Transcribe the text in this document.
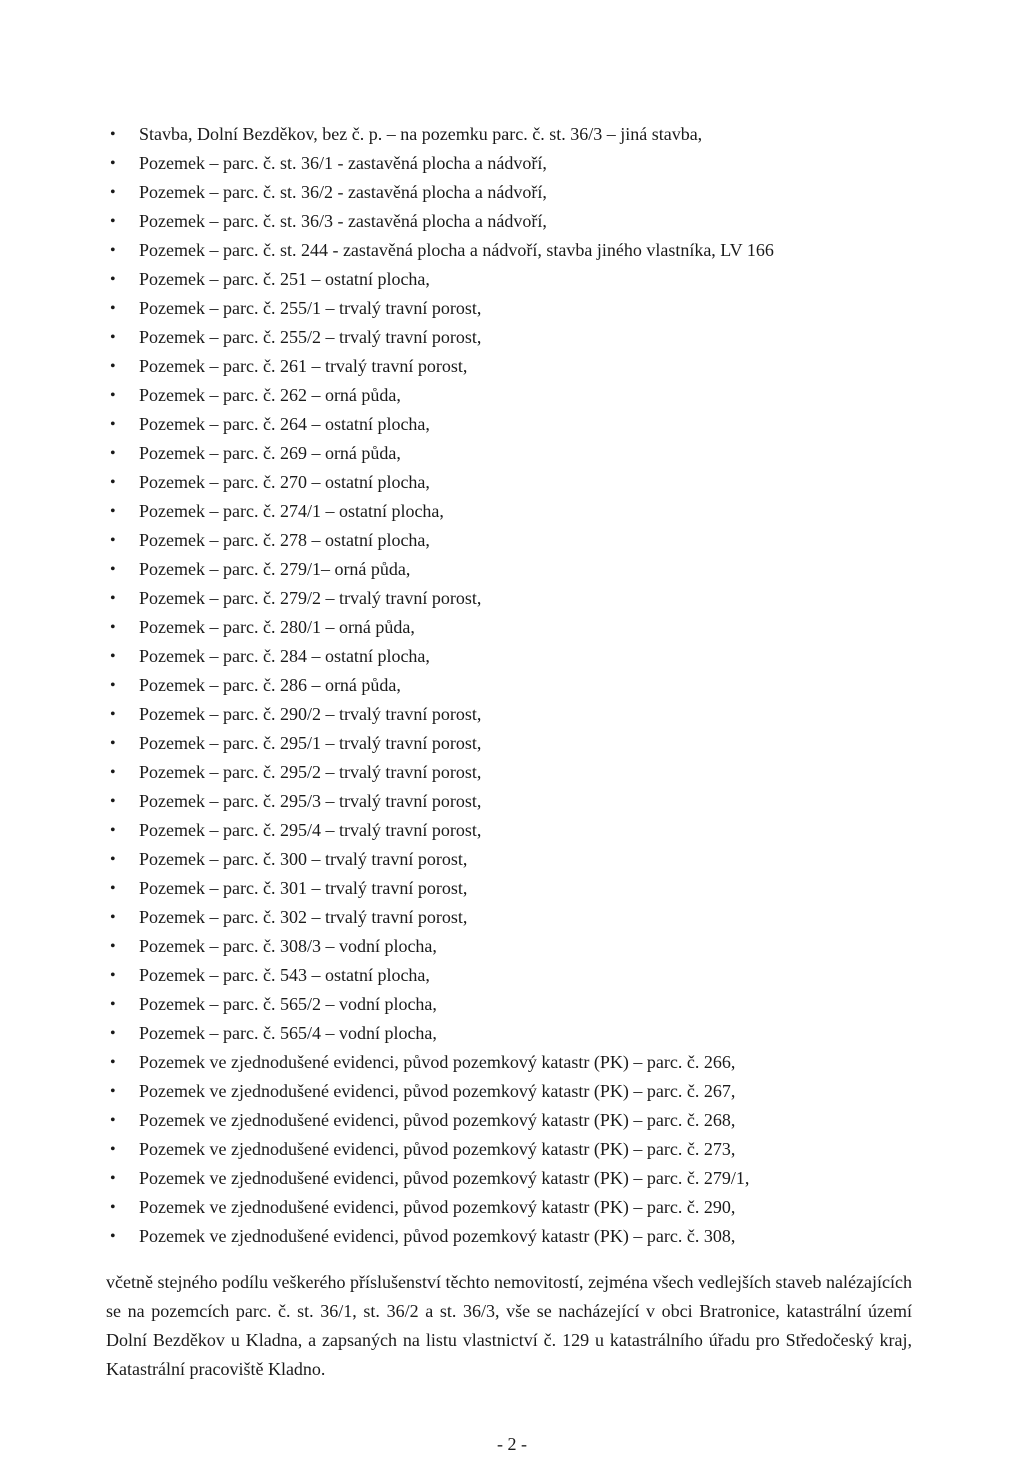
• Stavba, Dolní Bezděkov, bez č. p. – na pozemku parc. č. st. 36/3 – jiná stavba,
• Pozemek – parc. č. st. 36/1 - zastavěná plocha a nádvoří,
• Pozemek – parc. č. st. 36/2 - zastavěná plocha a nádvoří,
• Pozemek – parc. č. st. 36/3 - zastavěná plocha a nádvoří,
• Pozemek – parc. č. st. 244 - zastavěná plocha a nádvoří, stavba jiného vlastníka, LV 166
• Pozemek – parc. č. 251 – ostatní plocha,
• Pozemek – parc. č. 255/1 – trvalý travní porost,
• Pozemek – parc. č. 255/2 – trvalý travní porost,
• Pozemek – parc. č. 261 – trvalý travní porost,
• Pozemek – parc. č. 262 – orná půda,
• Pozemek – parc. č. 264 – ostatní plocha,
• Pozemek – parc. č. 269 – orná půda,
• Pozemek – parc. č. 270 – ostatní plocha,
• Pozemek – parc. č. 274/1 – ostatní plocha,
• Pozemek – parc. č. 278 – ostatní plocha,
• Pozemek – parc. č. 279/1– orná půda,
• Pozemek – parc. č. 279/2 – trvalý travní porost,
• Pozemek – parc. č. 280/1 – orná půda,
• Pozemek – parc. č. 284 – ostatní plocha,
• Pozemek – parc. č. 286 – orná půda,
• Pozemek – parc. č. 290/2 – trvalý travní porost,
• Pozemek – parc. č. 295/1 – trvalý travní porost,
• Pozemek – parc. č. 295/2 – trvalý travní porost,
• Pozemek – parc. č. 295/3 – trvalý travní porost,
• Pozemek – parc. č. 295/4 – trvalý travní porost,
• Pozemek – parc. č. 300 – trvalý travní porost,
• Pozemek – parc. č. 301 – trvalý travní porost,
• Pozemek – parc. č. 302 – trvalý travní porost,
• Pozemek – parc. č. 308/3 – vodní plocha,
• Pozemek – parc. č. 543 – ostatní plocha,
• Pozemek – parc. č. 565/2 – vodní plocha,
• Pozemek – parc. č. 565/4 – vodní plocha,
• Pozemek ve zjednodušené evidenci, původ pozemkový katastr (PK) – parc. č. 266,
• Pozemek ve zjednodušené evidenci, původ pozemkový katastr (PK) – parc. č. 267,
• Pozemek ve zjednodušené evidenci, původ pozemkový katastr (PK) – parc. č. 268,
• Pozemek ve zjednodušené evidenci, původ pozemkový katastr (PK) – parc. č. 273,
• Pozemek ve zjednodušené evidenci, původ pozemkový katastr (PK) – parc. č. 279/1,
• Pozemek ve zjednodušené evidenci, původ pozemkový katastr (PK) – parc. č. 290,
• Pozemek ve zjednodušené evidenci, původ pozemkový katastr (PK) – parc. č. 308,

včetně stejného podílu veškerého příslušenství těchto nemovitostí, zejména všech vedlejších staveb nalézajících se na pozemcích parc. č. st. 36/1, st. 36/2 a st. 36/3, vše se nacházející v obci Bratronice, katastrální území Dolní Bezděkov u Kladna, a zapsaných na listu vlastnictví č. 129 u katastrálního úřadu pro Středočeský kraj, Katastrální pracoviště Kladno.

- 2 -
